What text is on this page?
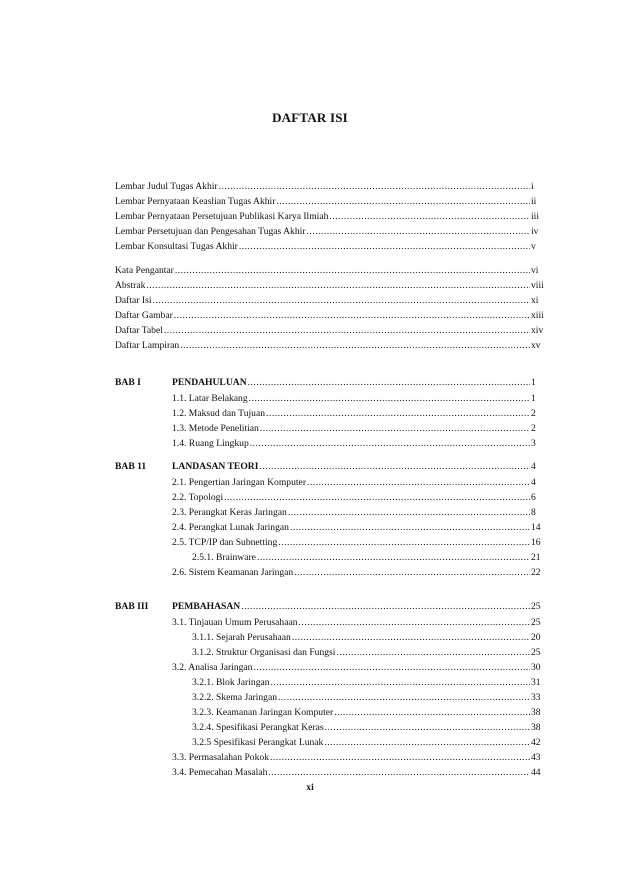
DAFTAR ISI
Lembar Judul Tugas Akhir .....	i
Lembar Pernyataan Keaslian Tugas Akhir .....	ii
Lembar Pernyataan Persetujuan Publikasi Karya Ilmiah .....	iii
Lembar Persetujuan dan Pengesahan Tugas Akhir .....	iv
Lembar Konsultasi Tugas Akhir .....	v
Kata Pengantar .....	vi
Abstrak .....	viii
Daftar Isi .....	xi
Daftar Gambar .....	xiii
Daftar Tabel .....	xiv
Daftar Lampiran .....	xv
BAB I	PENDAHULUAN .....	1
1.1. Latar Belakang .....	1
1.2. Maksud dan Tujuan .....	2
1.3. Metode Penelitian .....	2
1.4. Ruang Lingkup .....	3
BAB 11	LANDASAN TEORI .....	4
2.1. Pengertian Jaringan Komputer .....	4
2.2. Topologi .....	6
2.3. Perangkat Keras Jaringan .....	8
2.4. Perangkat Lunak Jaringan .....	14
2.5. TCP/IP dan Subnetting .....	16
2.5.1. Brainware .....	21
2.6. Sistem Keamanan Jaringan .....	22
BAB III PEMBAHASAN .....	25
3.1. Tinjauan Umum Perusahaan .....	25
3.1.1. Sejarah Perusahaan .....	20
3.1.2. Struktur Organisasi dan Fungsi .....	25
3.2. Analisa Jaringan .....	30
3.2.1. Blok Jaringan .....	31
3.2.2. Skema Jaringan .....	33
3.2.3. Keamanan Jaringan Komputer .....	38
3.2.4. Spesifikasi Perangkat Keras .....	38
3.2.5 Spesifikasi Perangkat Lunak .....	42
3.3. Permasalahan Pokok .....	43
3.4. Pemecahan Masalah .....	44
xi
